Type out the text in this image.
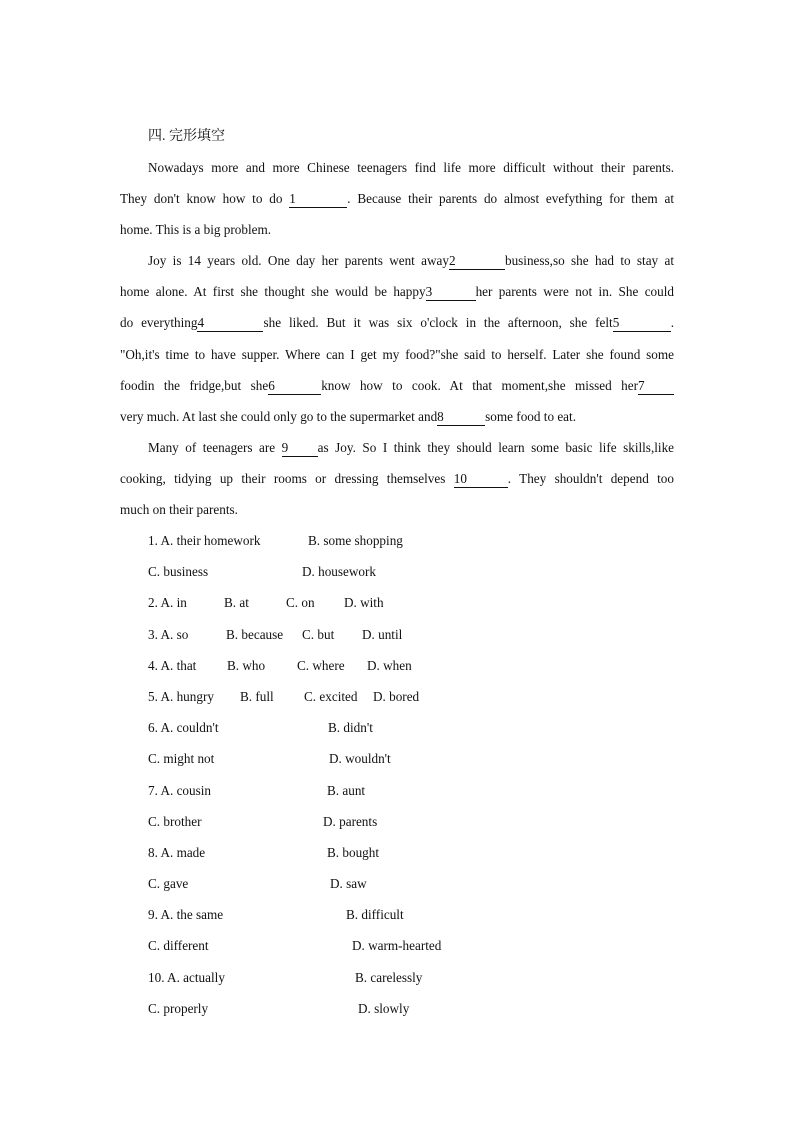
四. 完形填空
Nowadays more and more Chinese teenagers find life more difficult without their parents.
They don't know how to do 1	. Because their parents do almost evefything for them at
home. This is a big problem.
Joy is 14 years old. One day her parents went away2	business,so she had to stay at
home alone. At first she thought she would be happy3	her parents were not in. She could
do everything4	she liked. But it was six o'clock in the afternoon, she felt5	.
"Oh,it's time to have supper. Where can I get my food?"she said to herself. Later she found some
foodin the fridge,but she6	know how to cook. At that moment,she missed her7
very much. At last she could only go to the supermarket and8	some food to eat.
Many of teenagers are 9 as Joy. So I think they should learn some basic life skills,like
cooking, tidying up their rooms or dressing themselves 10	. They shouldn't depend too
much on their parents.
1. A. their homework	B. some shopping
C. business	D. housework
2. A. in	B. at	C. on D. with
3. A. so	B. because C. but D. until
4. A. that B. who C. where D. when
5. A. hungry B. full C. excited D. bored
6. A. couldn't	B. didn't
C. might not	D. wouldn't
7. A. cousin	B. aunt
C. brother	D. parents
8. A. made	B. bought
C. gave	D. saw
9. A. the same	B. difficult
C. different	D. warm-hearted
10. A. actually	B. carelessly
C. properly	D. slowly
